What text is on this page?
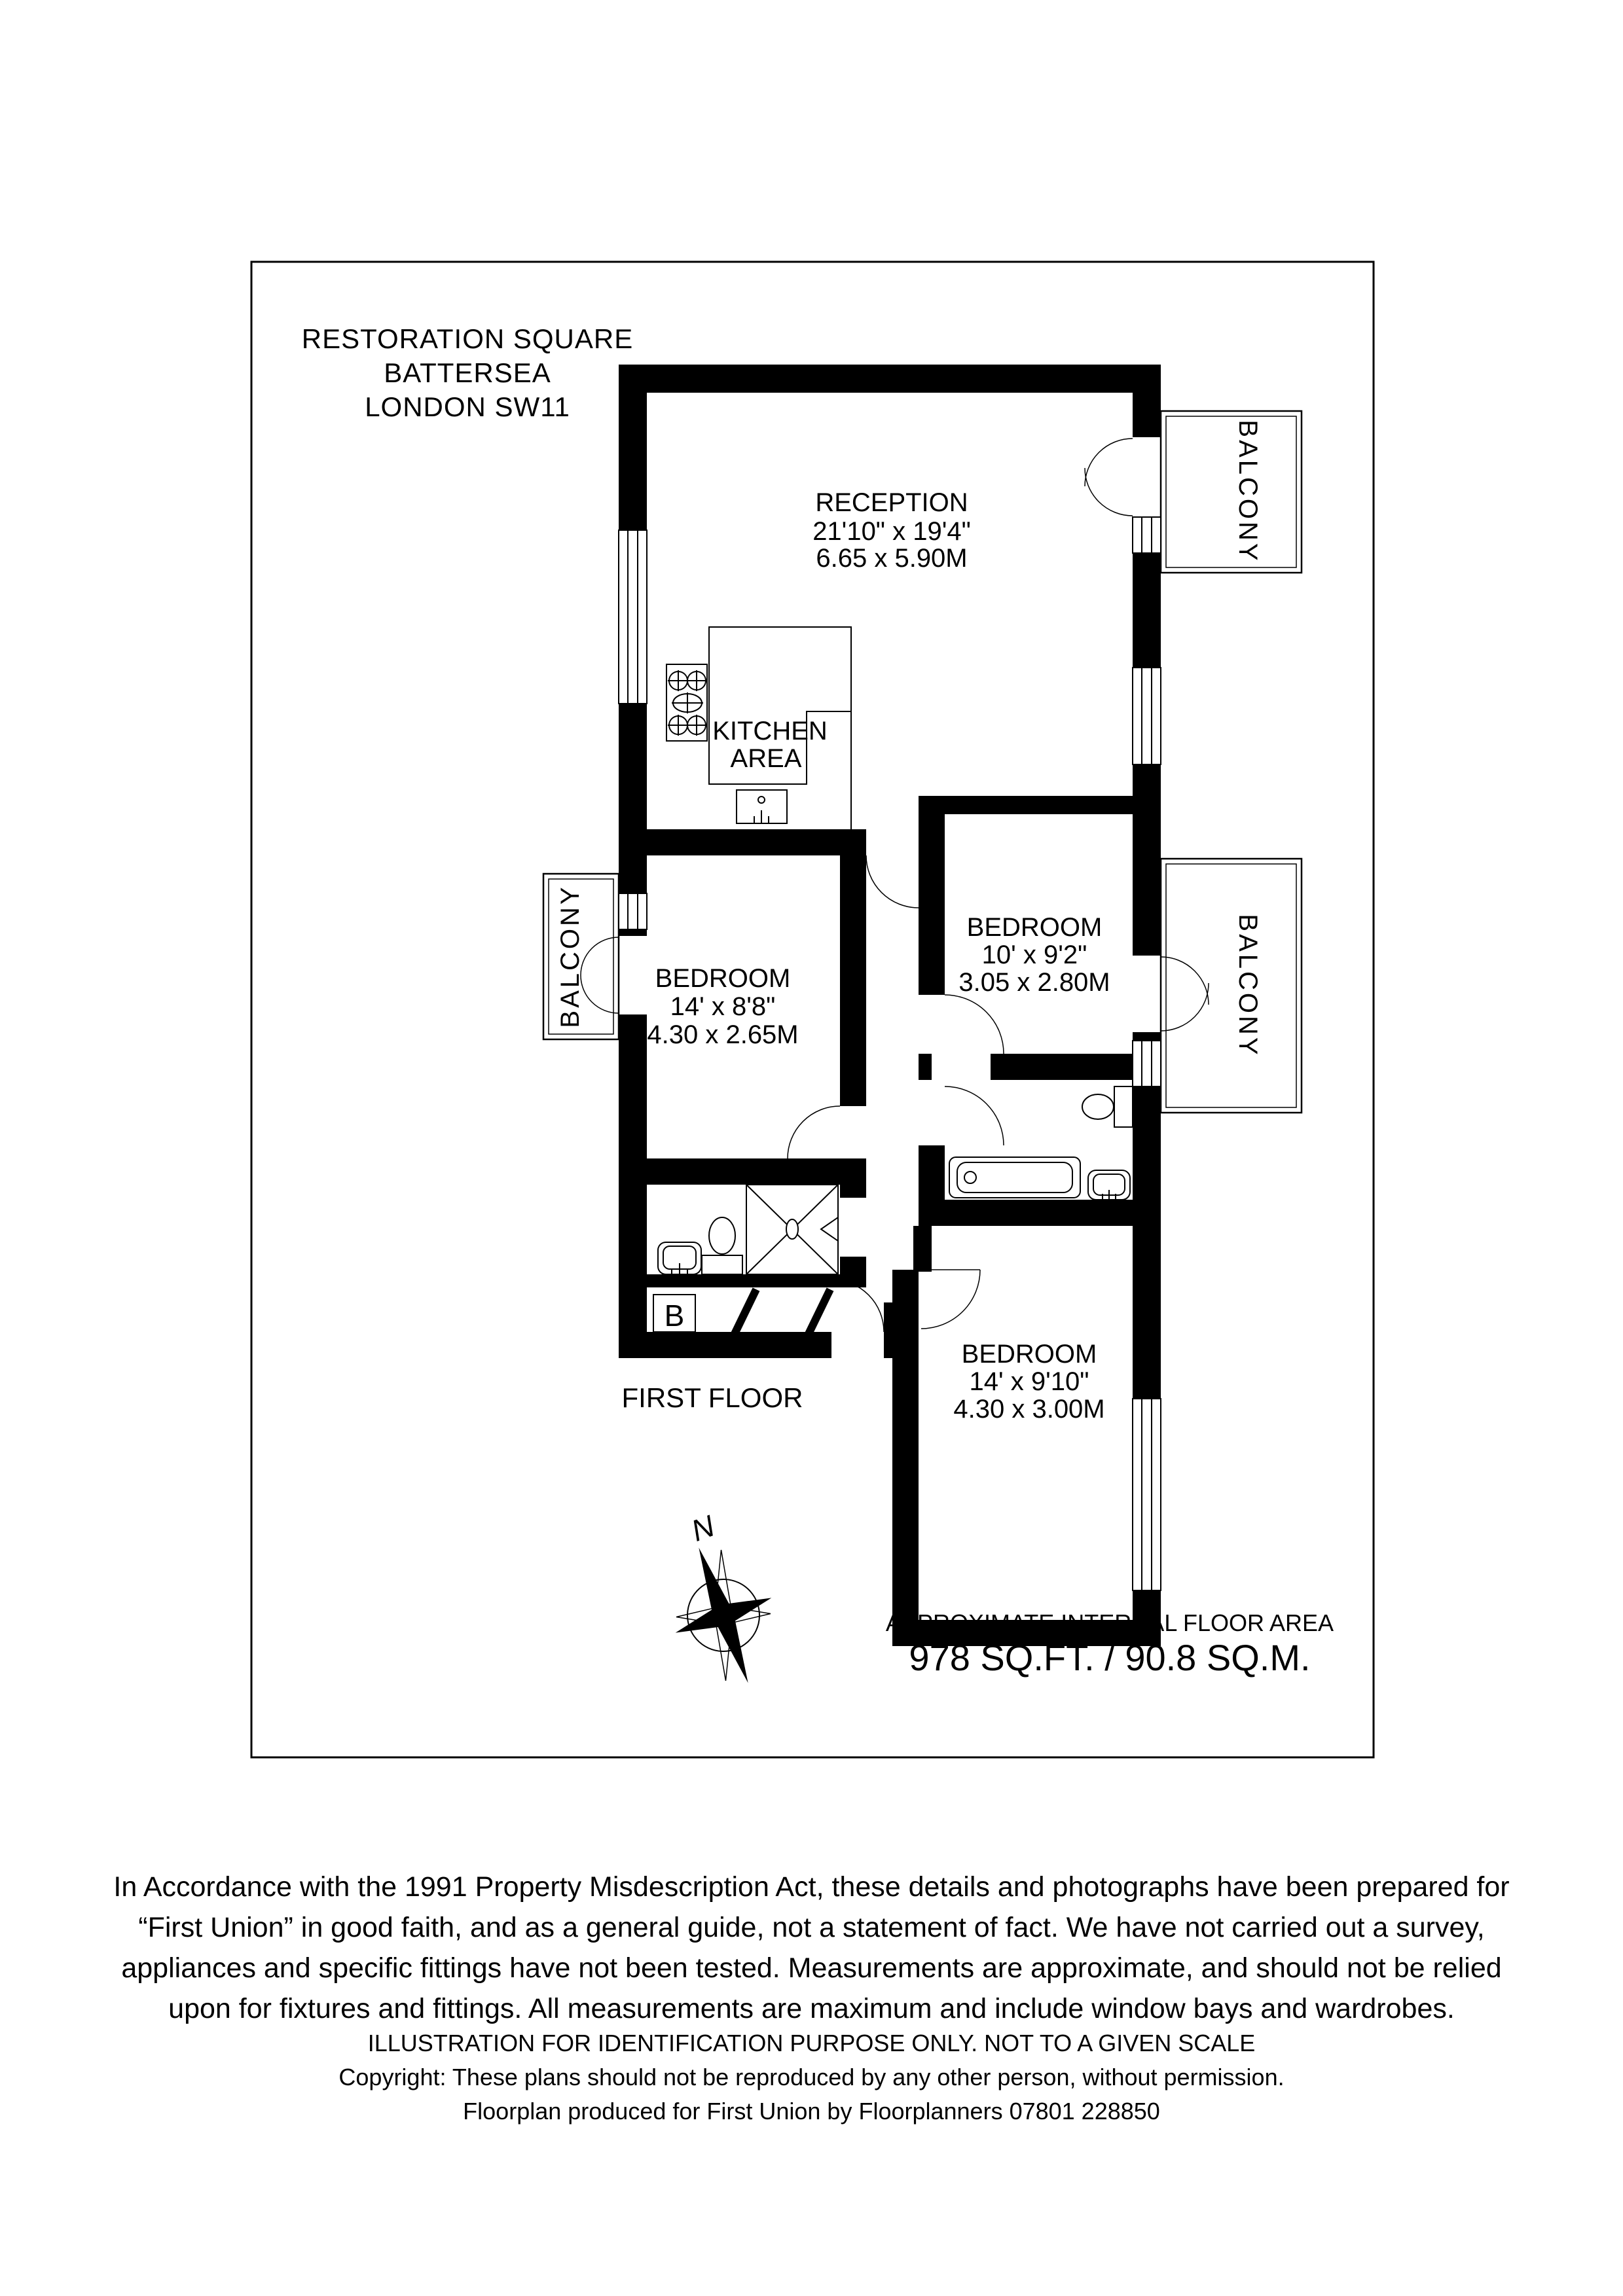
RESTORATION SQUARE
BATTERSEA
LONDON SW11
B
RECEPTION
21'10" x 19'4"
6.65 x 5.90M
KITCHEN
AREA
BEDROOM
14' x 8'8"
4.30 x 2.65M
BEDROOM
10' x 9'2"
3.05 x 2.80M
BEDROOM
14' x 9'10"
4.30 x 3.00M
BALCONY
BALCONY
BALCONY
N
FIRST FLOOR
APPROXIMATE INTERNAL FLOOR AREA
978 SQ.FT. / 90.8 SQ.M.
In Accordance with the 1991 Property Misdescription Act, these details and photographs have been prepared for
“First Union” in good faith, and as a general guide, not a statement of fact. We have not carried out a survey,
appliances and specific fittings have not been tested. Measurements are approximate, and should not be relied
upon for fixtures and fittings. All measurements are maximum and include window bays and wardrobes.
ILLUSTRATION FOR IDENTIFICATION PURPOSE ONLY. NOT TO A GIVEN SCALE
Copyright: These plans should not be reproduced by any other person, without permission.
Floorplan produced for First Union by Floorplanners 07801 228850
